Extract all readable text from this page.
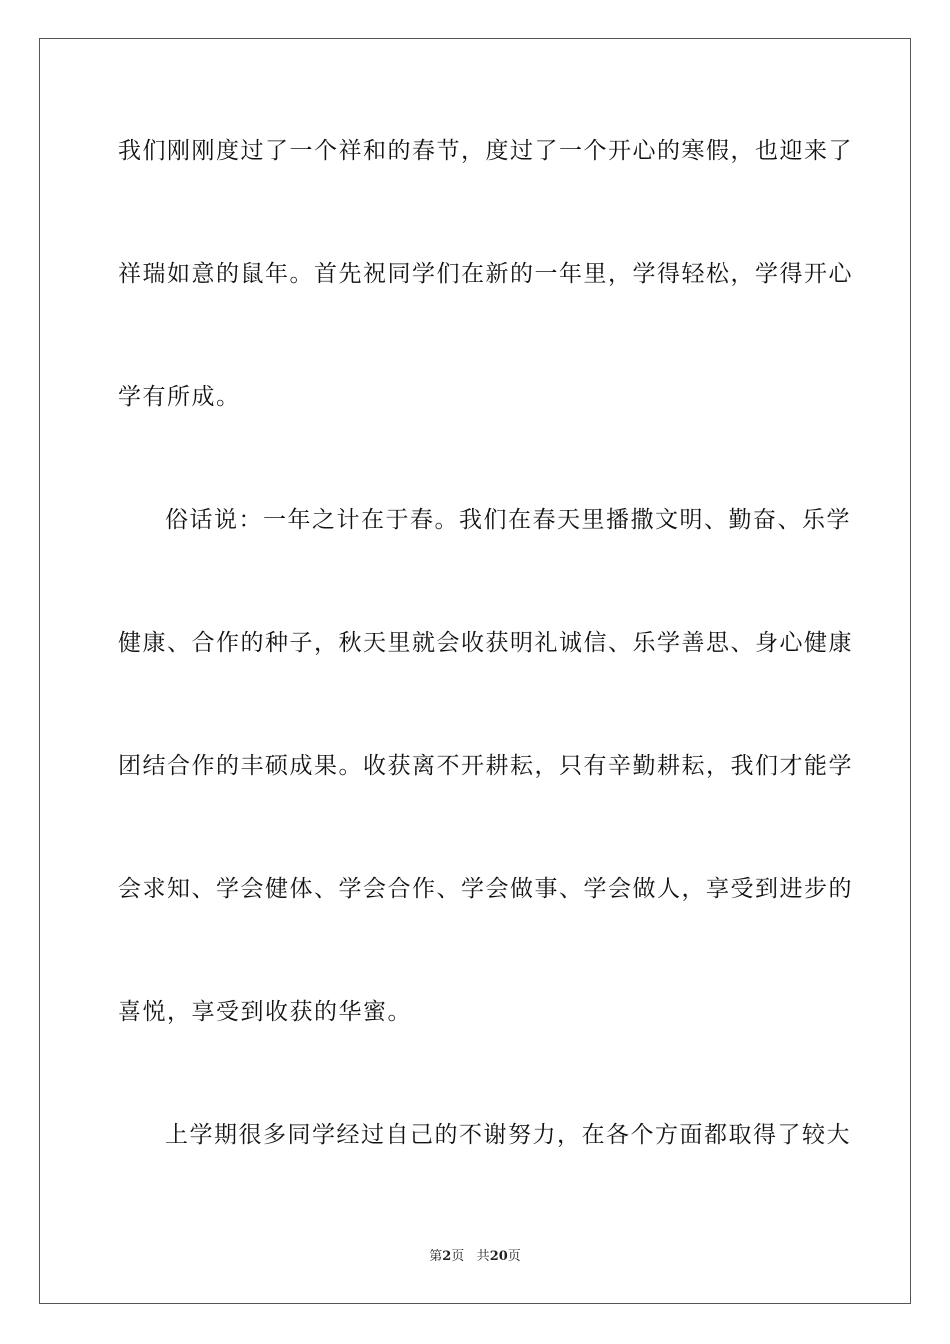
我们刚刚度过了一个祥和的春节，度过了一个开心的寒假，也迎来了
祥瑞如意的鼠年。首先祝同学们在新的一年里，学得轻松，学得开心
学有所成。
俗话说：一年之计在于春。我们在春天里播撒文明、勤奋、乐学
健康、合作的种子，秋天里就会收获明礼诚信、乐学善思、身心健康
团结合作的丰硕成果。收获离不开耕耘，只有辛勤耕耘，我们才能学
会求知、学会健体、学会合作、学会做事、学会做人，享受到进步的
喜悦，享受到收获的华蜜。
上学期很多同学经过自己的不谢努力，在各个方面都取得了较大
第2页 共20页
